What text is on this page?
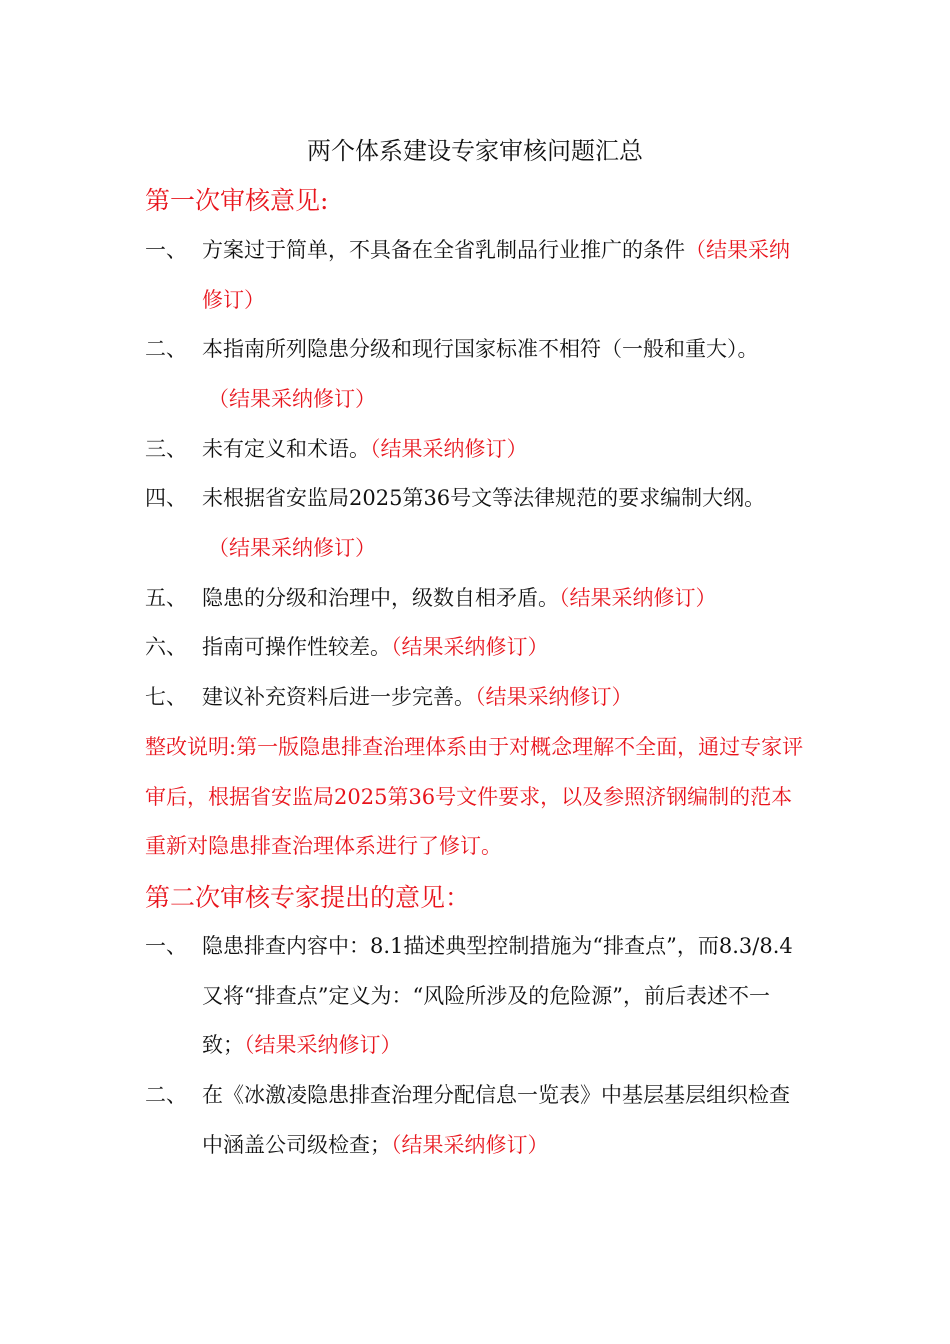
两个体系建设专家审核问题汇总
第一次审核意见:
一、 方案过于简单，不具备在全省乳制品行业推广的条件（结果采纳修订）
二、 本指南所列隐患分级和现行国家标准不相符（一般和重大）。
（结果采纳修订）
三、 未有定义和术语。（结果采纳修订）
四、 未根据省安监局2025第36号文等法律规范的要求编制大纲。
（结果采纳修订）
五、 隐患的分级和治理中，级数自相矛盾。（结果采纳修订）
六、 指南可操作性较差。（结果采纳修订）
七、 建议补充资料后进一步完善。（结果采纳修订）
整改说明:第一版隐患排查治理体系由于对概念理解不全面，通过专家评审后，根据省安监局2025第36号文件要求，以及参照济钢编制的范本重新对隐患排查治理体系进行了修订。
第二次审核专家提出的意见：
一、 隐患排查内容中：8.1描述典型控制措施为“排查点”，而8.3/8.4又将“排查点”定义为：“风险所涉及的危险源”，前后表述不一致；（结果采纳修订）
二、 在《冰激凌隐患排查治理分配信息一览表》中基层基层组织检查中涵盖公司级检查；（结果采纳修订）
